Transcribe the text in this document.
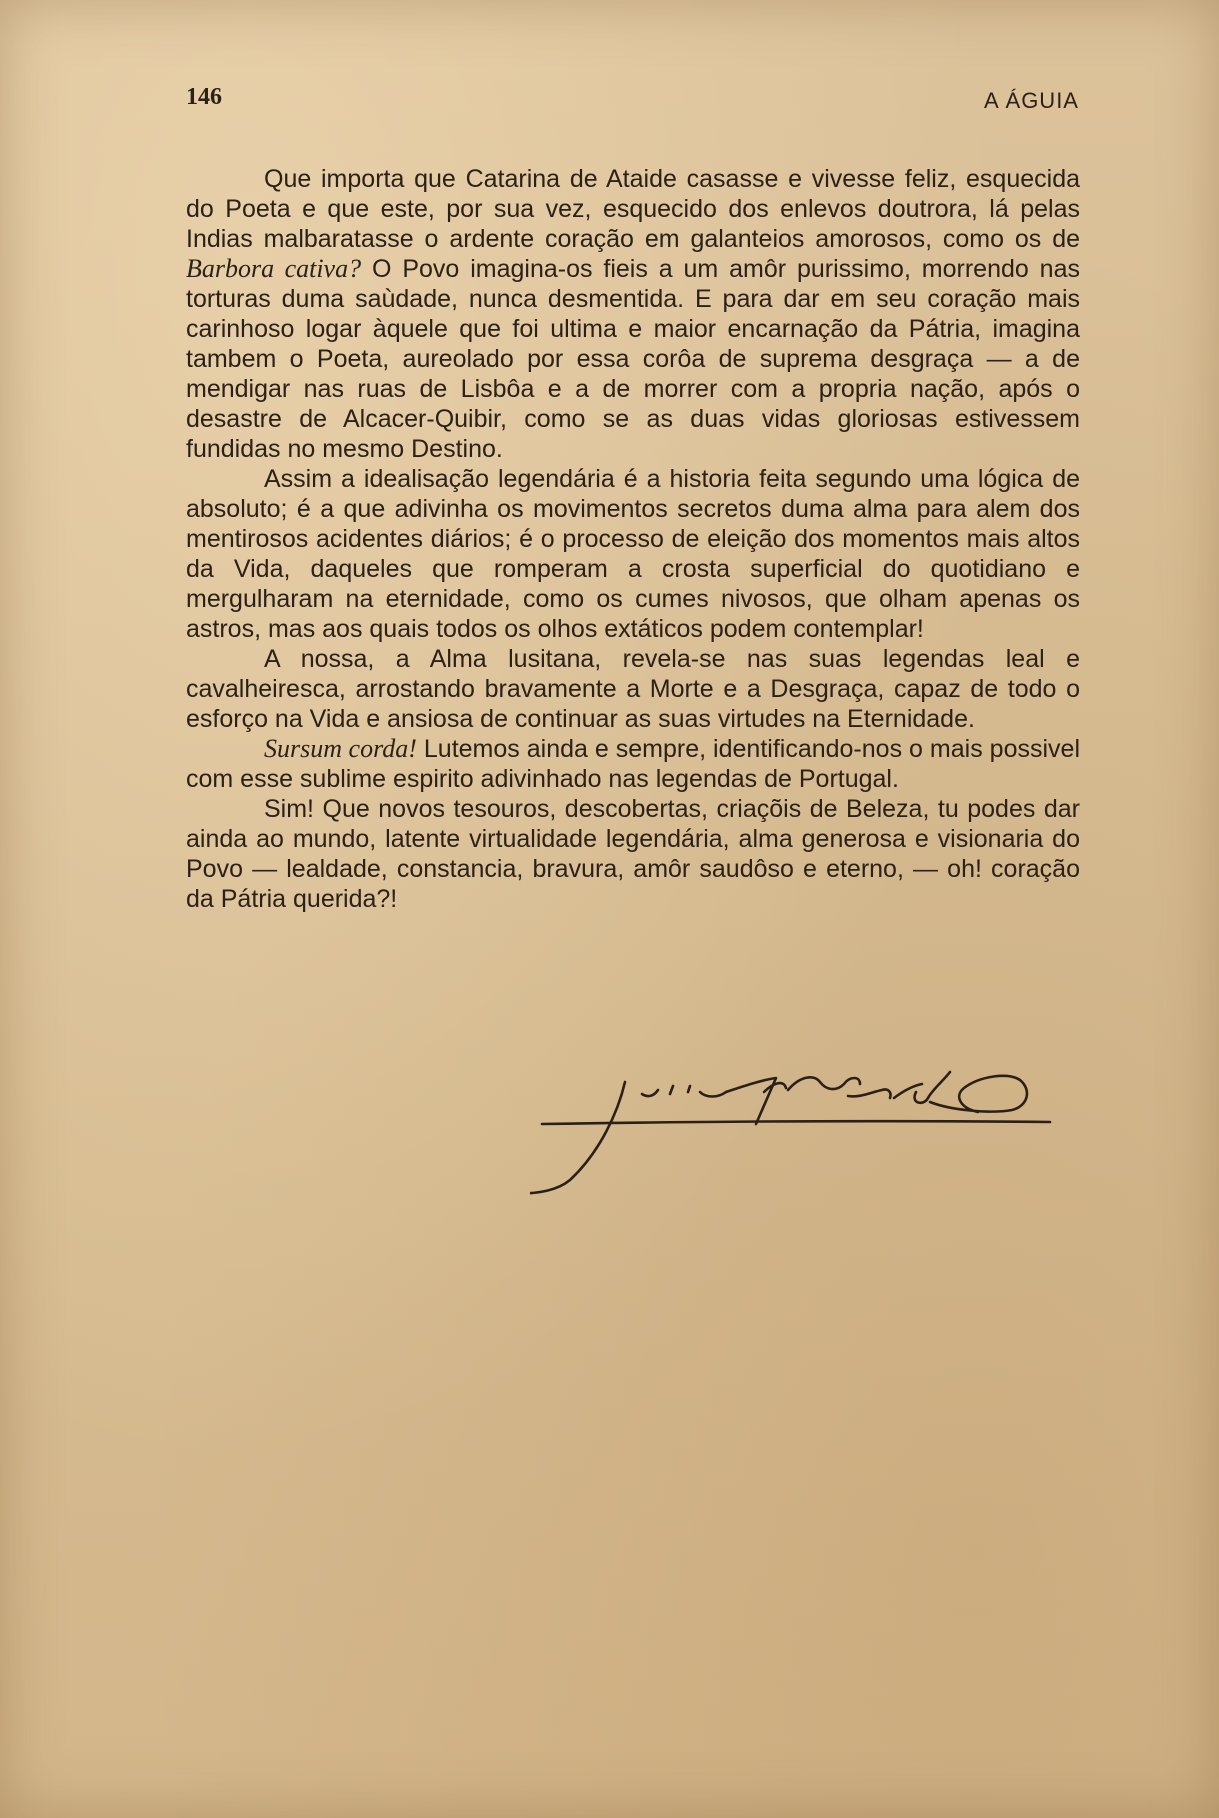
146	A ÁGUIA

Que importa que Catarina de Ataide casasse e vivesse feliz, esquecida do Poeta e que este, por sua vez, esquecido dos enlevos doutrora, lá pelas Indias malbaratasse o ardente coração em galanteios amorosos, como os de Barbora cativa? O Povo imagina-os fieis a um amôr purissimo, morrendo nas torturas duma saùdade, nunca desmentida. E para dar em seu coração mais carinhoso logar àquele que foi ultima e maior encarnação da Pátria, imagina tambem o Poeta, aureolado por essa corôa de suprema desgraça — a de mendigar nas ruas de Lisbôa e a de morrer com a propria nação, após o desastre de Alcacer-Quibir, como se as duas vidas gloriosas estivessem fundidas no mesmo Destino.

Assim a idealisação legendária é a historia feita segundo uma lógica de absoluto; é a que adivinha os movimentos secretos duma alma para alem dos mentirosos acidentes diários; é o processo de eleição dos momentos mais altos da Vida, daqueles que romperam a crosta superficial do quotidiano e mergulharam na eternidade, como os cumes nivosos, que olham apenas os astros, mas aos quais todos os olhos extáticos podem contemplar!

A nossa, a Alma lusitana, revela-se nas suas legendas leal e cavalheiresca, arrostando bravamente a Morte e a Desgraça, capaz de todo o esforço na Vida e ansiosa de continuar as suas virtudes na Eternidade.

Sursum corda! Lutemos ainda e sempre, identificando-nos o mais possivel com esse sublime espirito adivinhado nas legendas de Portugal.

Sim! Que novos tesouros, descobertas, criaçõis de Beleza, tu podes dar ainda ao mundo, latente virtualidade legendária, alma generosa e visionaria do Povo — lealdade, constancia, bravura, amôr saudôso e eterno, — oh! coração da Pátria querida?!
